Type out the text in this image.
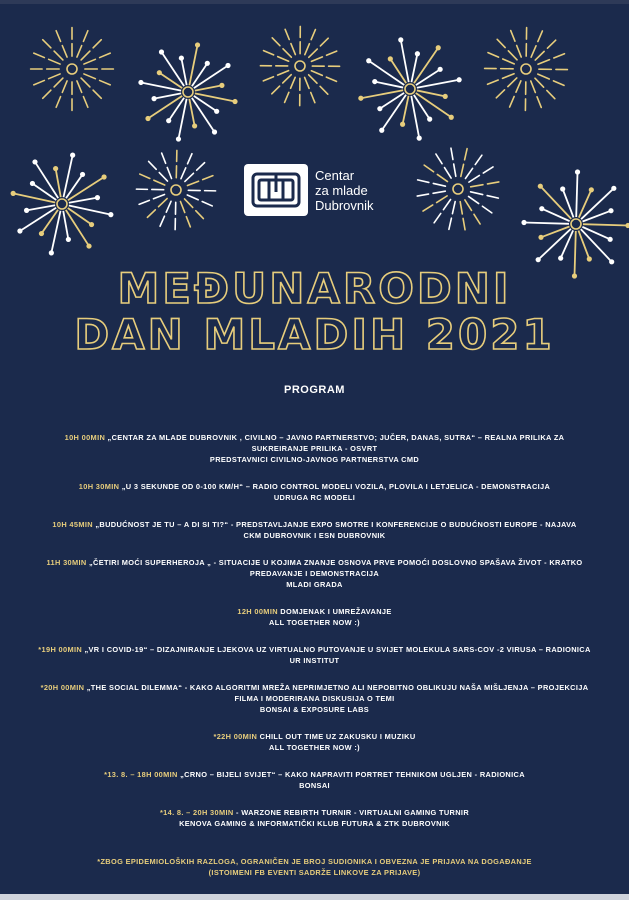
Centar
za mlade
Dubrovnik
MEĐUNARODNI
DAN MLADIH 2021
PROGRAM
10H 00MIN „CENTAR ZA MLADE DUBROVNIK , CIVILNO – JAVNO PARTNERSTVO; JUČER, DANAS, SUTRA“ – REALNA PRILIKA ZA
SUKREIRANJE PRILIKA - OSVRT
PREDSTAVNICI CIVILNO-JAVNOG PARTNERSTVA CMD
10H 30MIN „U 3 SEKUNDE OD 0-100 KM/H“ – RADIO CONTROL MODELI VOZILA, PLOVILA I LETJELICA - DEMONSTRACIJA
UDRUGA RC MODELI
10H 45MIN „BUDUĆNOST JE TU – A DI SI TI?“ - PREDSTAVLJANJE EXPO SMOTRE I KONFERENCIJE O BUDUĆNOSTI EUROPE - NAJAVA
CKM DUBROVNIK I ESN DUBROVNIK
11H 30MIN „ČETIRI MOĆI SUPERHEROJA „ - SITUACIJE U KOJIMA ZNANJE OSNOVA PRVE POMOĆI DOSLOVNO SPAŠAVA ŽIVOT - KRATKO
PREDAVANJE I DEMONSTRACIJA
MLADI GRADA
12H 00MIN DOMJENAK I UMREŽAVANJE
ALL TOGETHER NOW :)
*19H 00MIN „VR I COVID-19“ – DIZAJNIRANJE LJEKOVA UZ VIRTUALNO PUTOVANJE U SVIJET MOLEKULA SARS-COV -2 VIRUSA – RADIONICA
UR INSTITUT
*20H 00MIN „THE SOCIAL DILEMMA“ - KAKO ALGORITMI MREŽA NEPRIMJETNO ALI NEPOBITNO OBLIKUJU NAŠA MIŠLJENJA – PROJEKCIJA
FILMA I MODERIRANA DISKUSIJA O TEMI
BONSAI & EXPOSURE LABS
*22H 00MIN CHILL OUT TIME UZ ZAKUSKU I MUZIKU
ALL TOGETHER NOW :)
*13. 8. – 18H 00MIN „CRNO – BIJELI SVIJET“ – KAKO NAPRAVITI PORTRET TEHNIKOM UGLJEN - RADIONICA
BONSAI
*14. 8. – 20H 30MIN - WARZONE REBIRTH TURNIR - VIRTUALNI GAMING TURNIR
KENOVA GAMING & INFORMATIČKI KLUB FUTURA & ZTK DUBROVNIK
*ZBOG EPIDEMIOLOŠKIH RAZLOGA, OGRANIČEN JE BROJ SUDIONIKA I OBVEZNA JE PRIJAVA NA DOGAĐANJE
(ISTOIMENI FB EVENTI SADRŽE LINKOVE ZA PRIJAVE)
